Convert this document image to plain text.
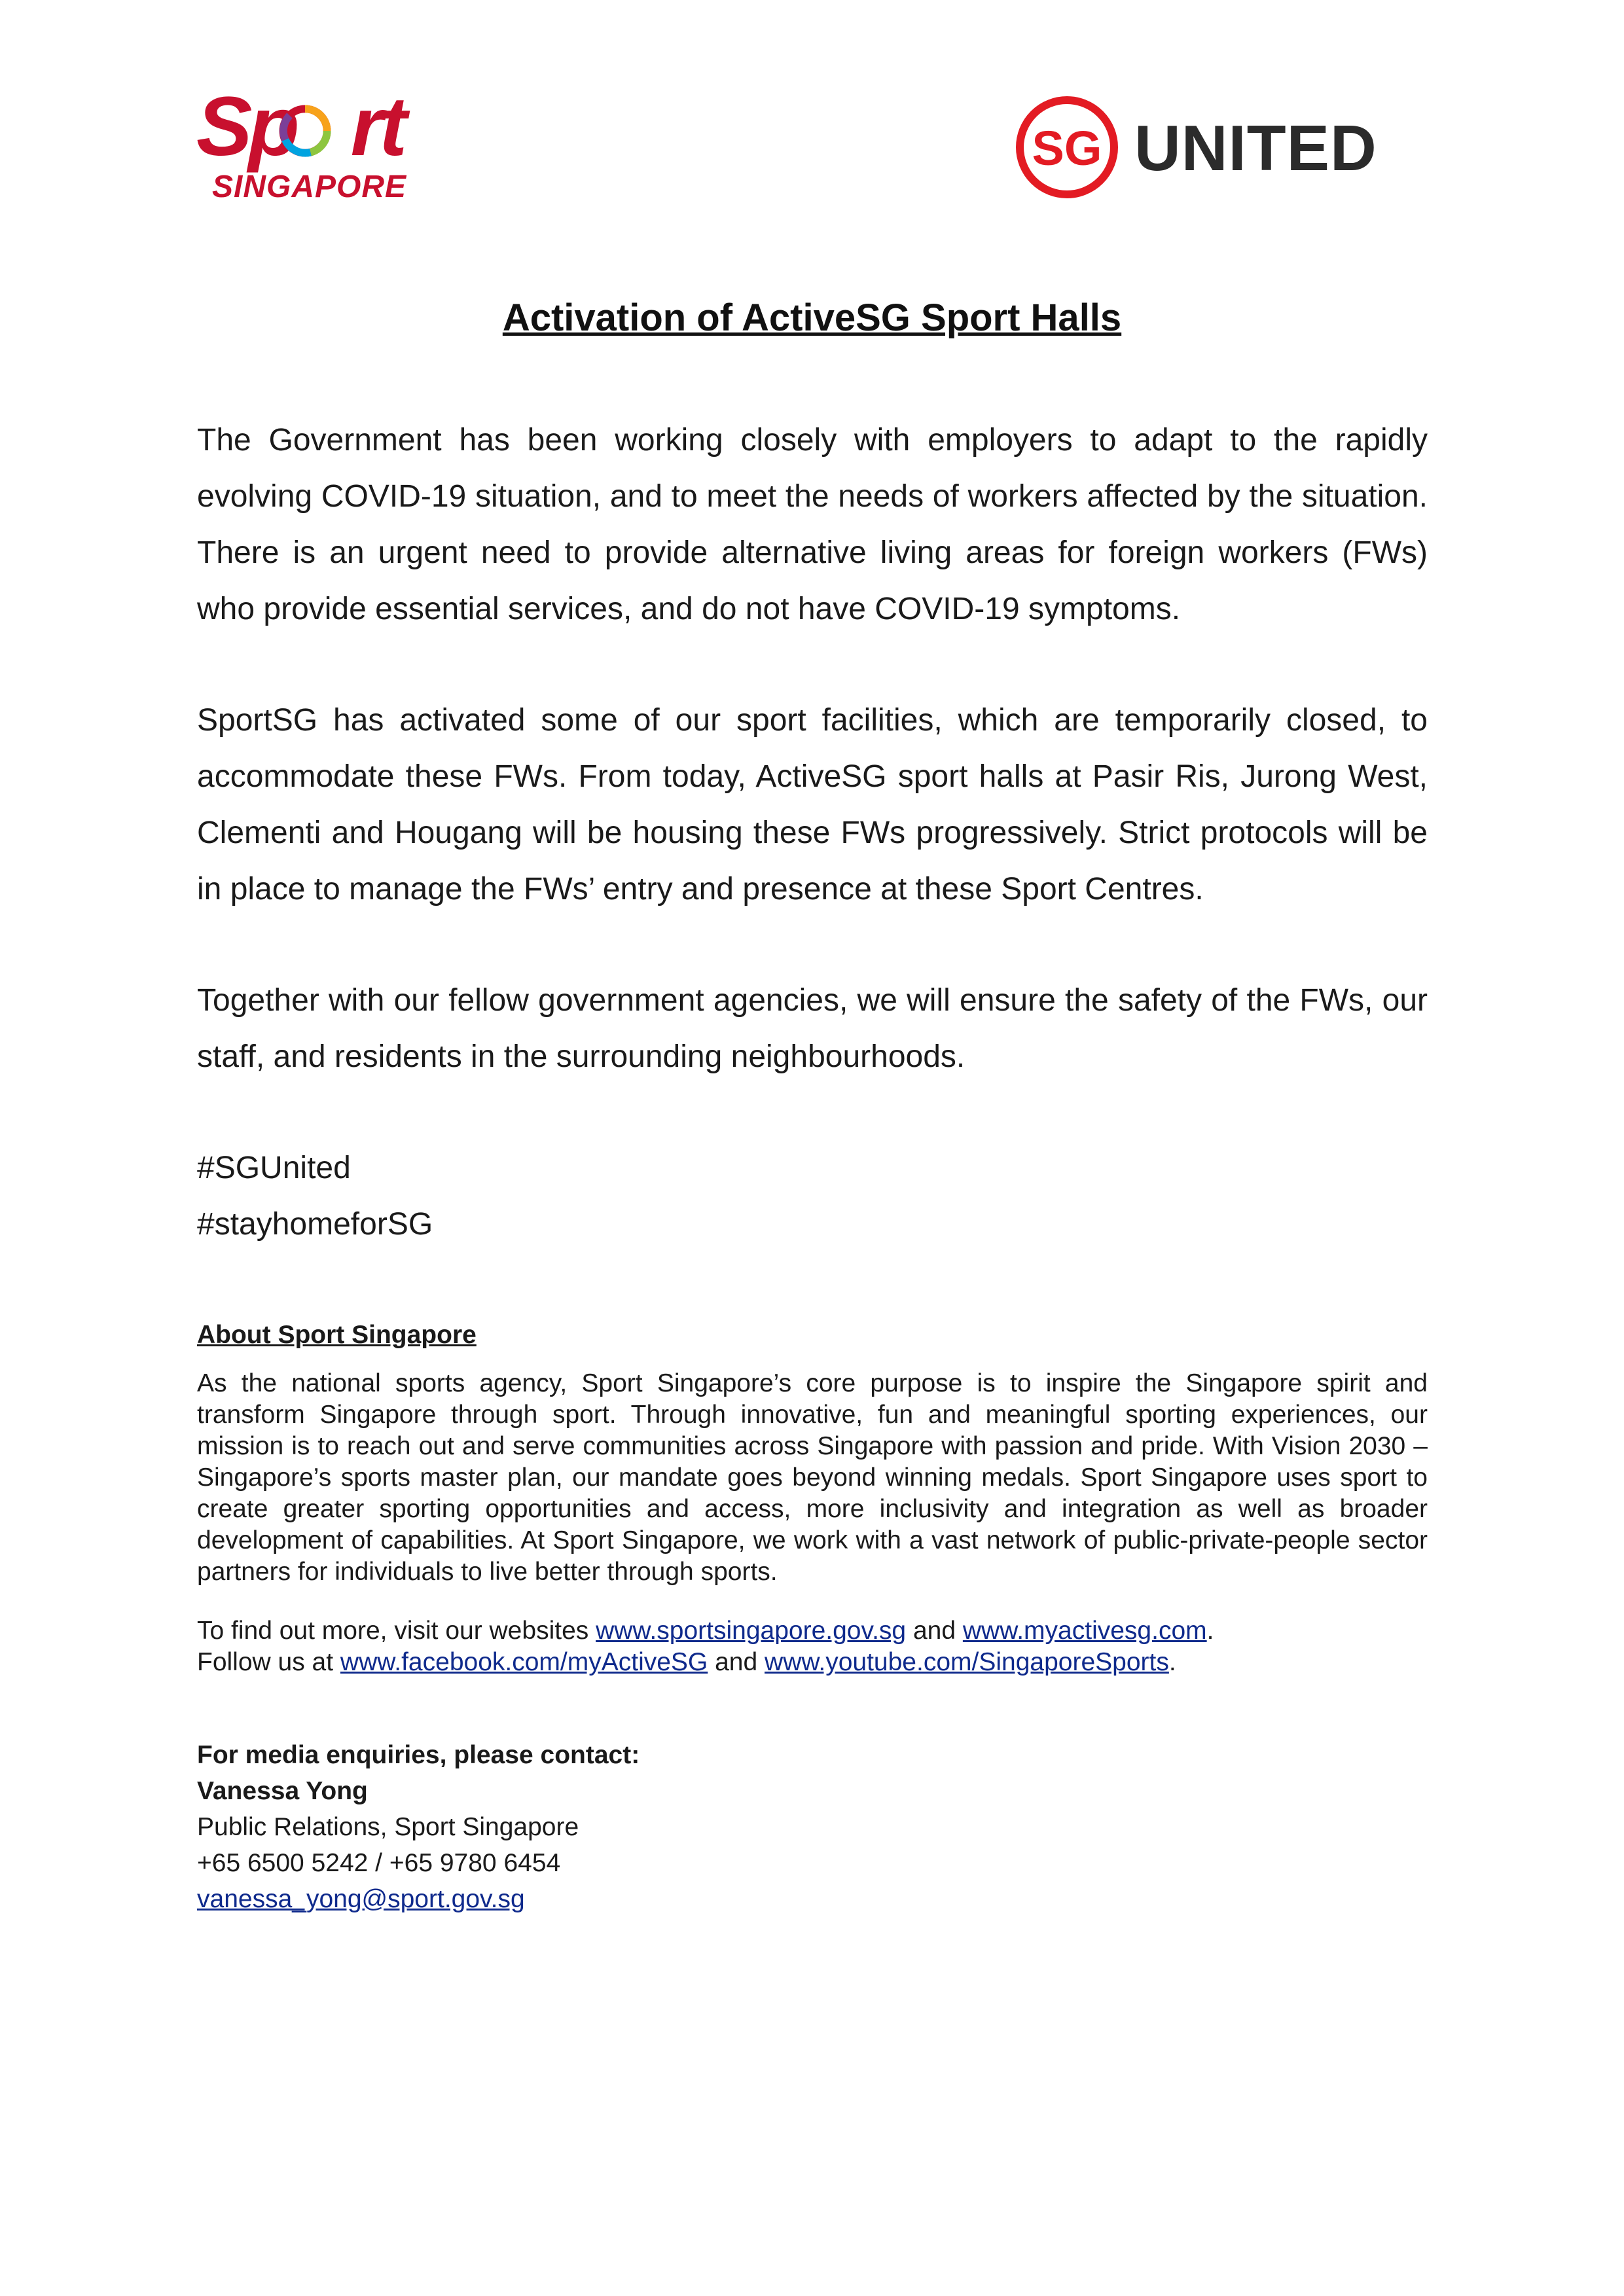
Sp rt
SINGAPORE
SG UNITED
Activation of ActiveSG Sport Halls
The Government has been working closely with employers to adapt to the rapidly evolving COVID-19 situation, and to meet the needs of workers affected by the situation. There is an urgent need to provide alternative living areas for foreign workers (FWs) who provide essential services, and do not have COVID-19 symptoms.
SportSG has activated some of our sport facilities, which are temporarily closed, to accommodate these FWs. From today, ActiveSG sport halls at Pasir Ris, Jurong West, Clementi and Hougang will be housing these FWs progressively. Strict protocols will be in place to manage the FWs’ entry and presence at these Sport Centres.
Together with our fellow government agencies, we will ensure the safety of the FWs, our staff, and residents in the surrounding neighbourhoods.
#SGUnited
#stayhomeforSG
About Sport Singapore
As the national sports agency, Sport Singapore’s core purpose is to inspire the Singapore spirit and transform Singapore through sport. Through innovative, fun and meaningful sporting experiences, our mission is to reach out and serve communities across Singapore with passion and pride. With Vision 2030 – Singapore’s sports master plan, our mandate goes beyond winning medals. Sport Singapore uses sport to create greater sporting opportunities and access, more inclusivity and integration as well as broader development of capabilities. At Sport Singapore, we work with a vast network of public-private-people sector partners for individuals to live better through sports.
To find out more, visit our websites www.sportsingapore.gov.sg and www.myactivesg.com.
Follow us at www.facebook.com/myActiveSG and www.youtube.com/SingaporeSports.
For media enquiries, please contact:
Vanessa Yong
Public Relations, Sport Singapore
+65 6500 5242 / +65 9780 6454
vanessa_yong@sport.gov.sg
